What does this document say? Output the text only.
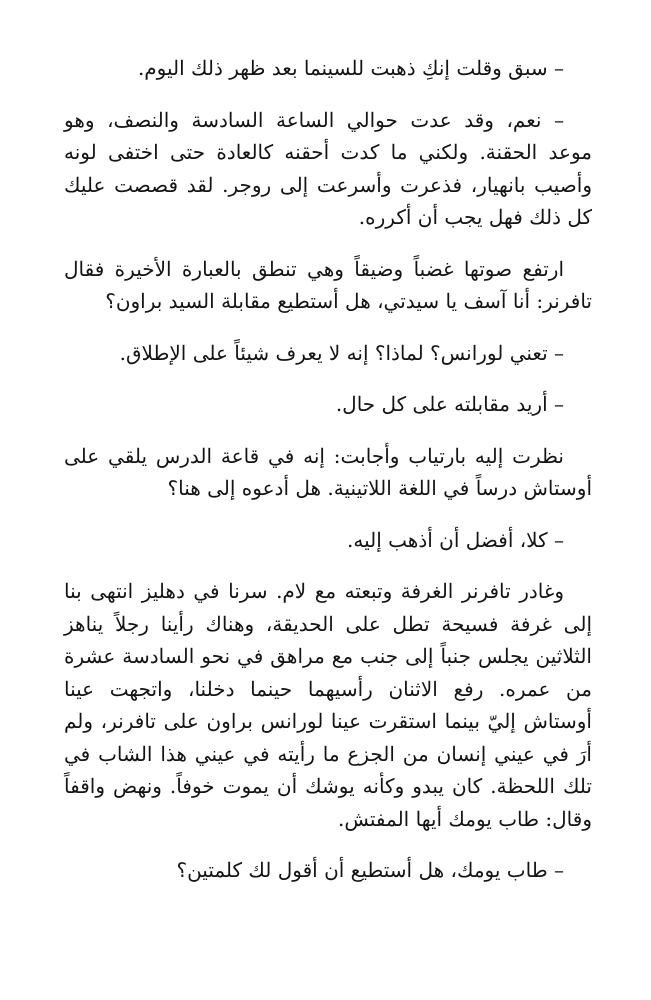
– سبق وقلت إنكِ ذهبت للسينما بعد ظهر ذلك اليوم.

– نعم، وقد عدت حوالي الساعة السادسة والنصف، وهو موعد الحقنة. ولكني ما كدت أحقنه كالعادة حتى اختفى لونه وأصيب بانهيار، فذعرت وأسرعت إلى روجر. لقد قصصت عليك كل ذلك فهل يجب أن أكرره.

ارتفع صوتها غضباً وضيقاً وهي تنطق بالعبارة الأخيرة فقال تافرنر: أنا آسف يا سيدتي، هل أستطيع مقابلة السيد براون؟

– تعني لورانس؟ لماذا؟ إنه لا يعرف شيئاً على الإطلاق.

– أريد مقابلته على كل حال.

نظرت إليه بارتياب وأجابت: إنه في قاعة الدرس يلقي على أوستاش درساً في اللغة اللاتينية. هل أدعوه إلى هنا؟

– كلا، أفضل أن أذهب إليه.

وغادر تافرنر الغرفة وتبعته مع لام. سرنا في دهليز انتهى بنا إلى غرفة فسيحة تطل على الحديقة، وهناك رأينا رجلاً يناهز الثلاثين يجلس جنباً إلى جنب مع مراهق في نحو السادسة عشرة من عمره. رفع الاثنان رأسيهما حينما دخلنا، واتجهت عينا أوستاش إليّ بينما استقرت عينا لورانس براون على تافرنر، ولم أرَ في عيني إنسان من الجزع ما رأيته في عيني هذا الشاب في تلك اللحظة. كان يبدو وكأنه يوشك أن يموت خوفاً. ونهض واقفاً وقال: طاب يومك أيها المفتش.

– طاب يومك، هل أستطيع أن أقول لك كلمتين؟
